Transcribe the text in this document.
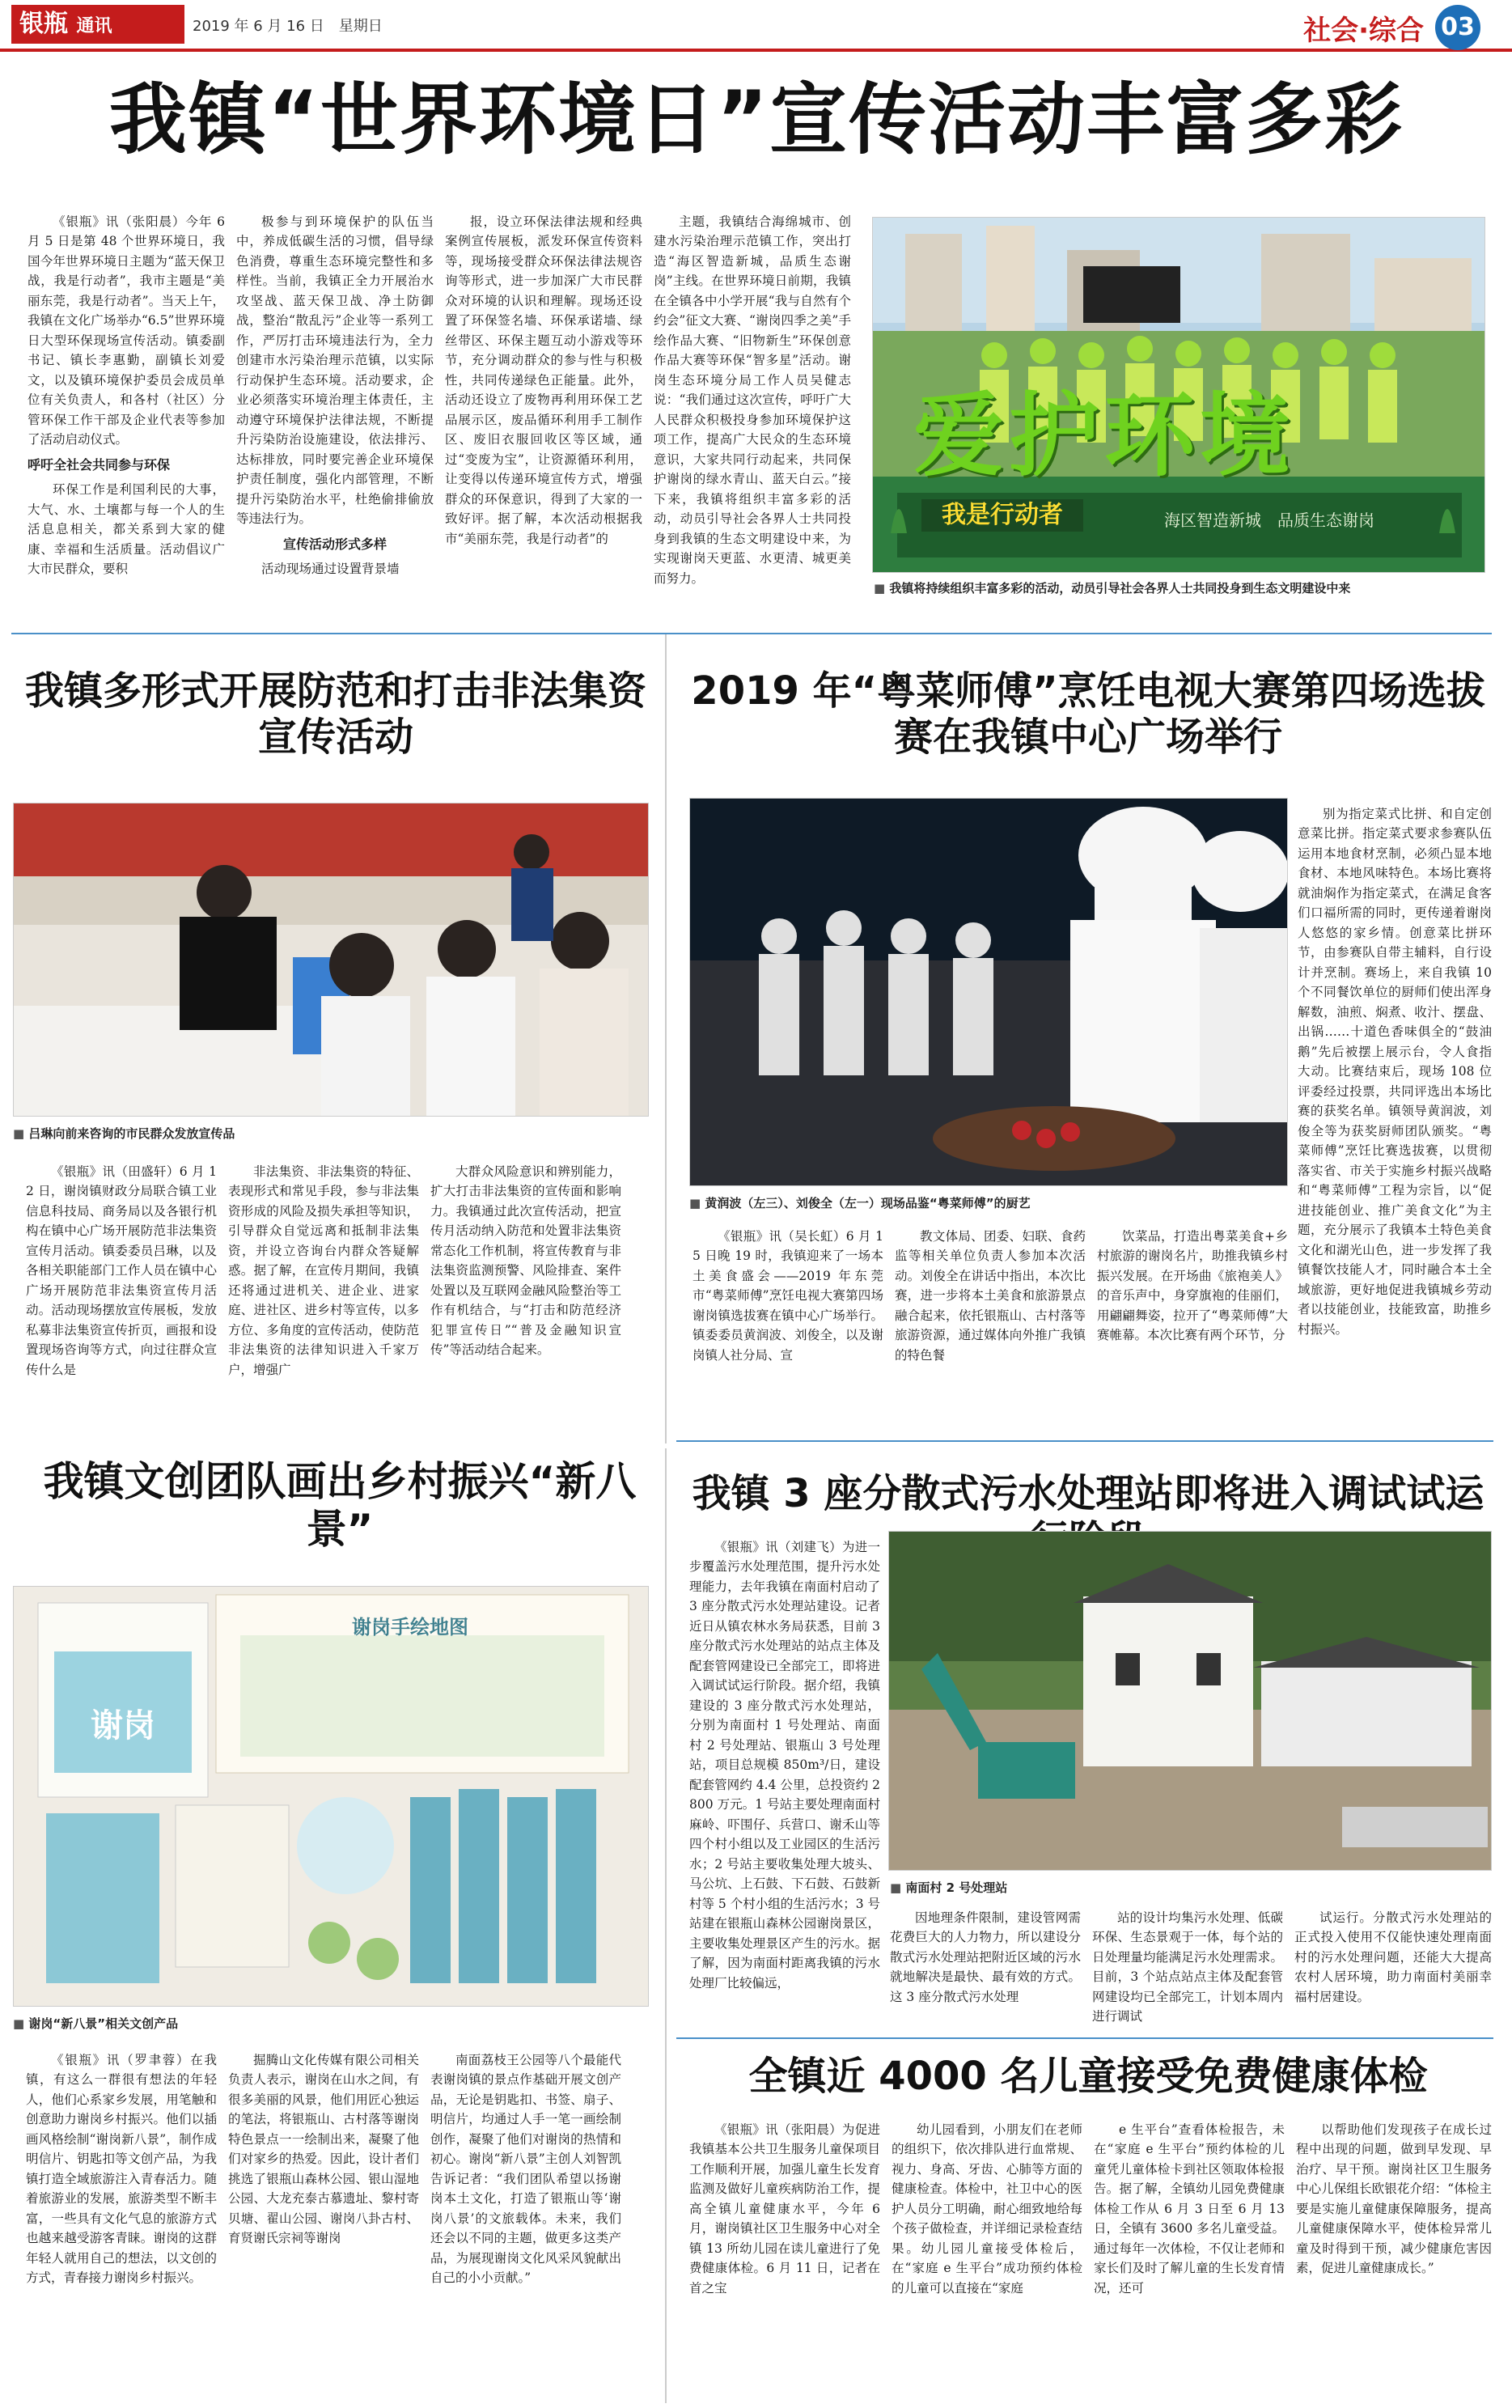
银瓶 通讯	2019 年 6 月 16 日　星期日	社会·综合 03
我镇“世界环境日”宣传活动丰富多彩

《银瓶》讯（张阳晨）今年 6 月 5 日是第 48 个世界环境日，我国今年世界环境日主题为“蓝天保卫战，我是行动者”，我市主题是“美丽东莞，我是行动者”。当天上午，我镇在文化广场举办“6.5”世界环境日大型环保现场宣传活动。镇委副书记、镇长李惠勤，副镇长刘爱文，以及镇环境保护委员会成员单位有关负责人，和各村（社区）分管环保工作干部及企业代表等参加了活动启动仪式。

呼吁全社会共同参与环保

环保工作是利国利民的大事，大气、水、土壤都与每一个人的生活息息相关，都关系到大家的健康、幸福和生活质量。活动倡议广大市民群众，要积

极参与到环境保护的队伍当中，养成低碳生活的习惯，倡导绿色消费，尊重生态环境完整性和多样性。当前，我镇正全力开展治水攻坚战、蓝天保卫战、净土防御战，整治“散乱污”企业等一系列工作，严厉打击环境违法行为，全力创建市水污染治理示范镇，以实际行动保护生态环境。活动要求，企业必须落实环境治理主体责任，主动遵守环境保护法律法规，不断提升污染防治设施建设，依法排污、达标排放，同时要完善企业环境保护责任制度，强化内部管理，不断提升污染防治水平，杜绝偷排偷放等违法行为。

宣传活动形式多样

活动现场通过设置背景墙

报，设立环保法律法规和经典案例宣传展板，派发环保宣传资料等，现场接受群众环保法律法规咨询等形式，进一步加深广大市民群众对环境的认识和理解。现场还设置了环保签名墙、环保承诺墙、绿丝带区、环保主题互动小游戏等环节，充分调动群众的参与性与积极性，共同传递绿色正能量。此外，活动还设立了废物再利用环保工艺品展示区，废品循环利用手工制作区、废旧衣服回收区等区域，通过“变废为宝”，让资源循环利用，让变得以传递环境宣传方式，增强群众的环保意识，得到了大家的一致好评。据了解，本次活动根据我市“美丽东莞，我是行动者”的

主题，我镇结合海绵城市、创建水污染治理示范镇工作，突出打造“海区智造新城，品质生态谢岗”主线。在世界环境日前期，我镇在全镇各中小学开展“我与自然有个约会”征文大赛、“谢岗四季之美”手绘作品大赛、“旧物新生”环保创意作品大赛等环保“智多星”活动。谢岗生态环境分局工作人员吴健志说：“我们通过这次宣传，呼吁广大人民群众积极投身参加环境保护这项工作，提高广大民众的生态环境意识，大家共同行动起来，共同保护谢岗的绿水青山、蓝天白云。”接下来，我镇将组织丰富多彩的活动，动员引导社会各界人士共同投身到我镇的生态文明建设中来，为实现谢岗天更蓝、水更清、城更美而努力。

爱护环境
我是行动者	海区智造新城　品质生态谢岗
■ 我镇将持续组织丰富多彩的活动，动员引导社会各界人士共同投身到生态文明建设中来
我镇多形式开展防范和打击非法集资宣传活动
■ 吕琳向前来咨询的市民群众发放宣传品

《银瓶》讯（田盛轩）6 月 12 日，谢岗镇财政分局联合镇工业信息科技局、商务局以及各银行机构在镇中心广场开展防范非法集资宣传月活动。镇委委员吕琳，以及各相关职能部门工作人员在镇中心广场开展防范非法集资宣传月活动。活动现场摆放宣传展板，发放私募非法集资宣传折页，画报和设置现场咨询等方式，向过往群众宣传什么是

非法集资、非法集资的特征、表现形式和常见手段，参与非法集资形成的风险及损失承担等知识，引导群众自觉远离和抵制非法集资，并设立咨询台内群众答疑解惑。据了解，在宣传月期间，我镇还将通过进机关、进企业、进家庭、进社区、进乡村等宣传，以多方位、多角度的宣传活动，使防范非法集资的法律知识进入千家万户，增强广

大群众风险意识和辨别能力，扩大打击非法集资的宣传面和影响力。我镇通过此次宣传活动，把宣传月活动纳入防范和处置非法集资常态化工作机制，将宣传教育与非法集资监测预警、风险排查、案件处置以及互联网金融风险整治等工作有机结合，与“打击和防范经济犯罪宣传日”“普及金融知识宣传”等活动结合起来。

2019 年“粤菜师傅”烹饪电视大赛第四场选拔赛在我镇中心广场举行
■ 黄润波（左三）、刘俊全（左一）现场品鉴“粤菜师傅”的厨艺

别为指定菜式比拼、和自定创意菜比拼。指定菜式要求参赛队伍运用本地食材烹制，必须凸显本地食材、本地风味特色。本场比赛将就油焖作为指定菜式，在满足食客们口福所需的同时，更传递着谢岗人悠悠的家乡情。创意菜比拼环节，由参赛队自带主辅料，自行设计并烹制。赛场上，来自我镇 10 个不同餐饮单位的厨师们使出浑身解数，油煎、焖煮、收汁、摆盘、出锅……十道色香味俱全的“鼓油鹅”先后被摆上展示台，令人食指大动。比赛结束后，现场 108 位评委经过投票，共同评选出本场比赛的获奖名单。镇领导黄润波，刘俊全等为获奖厨师团队颁奖。“粤菜师傅”烹饪比赛选拔赛，以贯彻落实省、市关于实施乡村振兴战略和“粤菜师傅”工程为宗旨，以“促进技能创业、推广美食文化”为主题，充分展示了我镇本土特色美食文化和湖光山色，进一步发挥了我镇餐饮技能人才，同时融合本土全域旅游，更好地促进我镇城乡劳动者以技能创业，技能致富，助推乡村振兴。

《银瓶》讯（吴长虹）6 月 15 日晚 19 时，我镇迎来了一场本土美食盛会——2019 年东莞市“粤菜师傅”烹饪电视大赛第四场谢岗镇选拔赛在镇中心广场举行。镇委委员黄润波、刘俊全，以及谢岗镇人社分局、宣

教文体局、团委、妇联、食药监等相关单位负责人参加本次活动。刘俊全在讲话中指出，本次比赛，进一步将本土美食和旅游景点融合起来，依托银瓶山、古村落等旅游资源，通过媒体向外推广我镇的特色餐

饮菜品，打造出粤菜美食+乡村旅游的谢岗名片，助推我镇乡村振兴发展。在开场曲《旅袍美人》的音乐声中，身穿旗袍的佳丽们，用翩翩舞姿，拉开了“粤菜师傅”大赛帷幕。本次比赛有两个环节，分

我镇文创团队画出乡村振兴“新八景”
谢岗手绘地图
谢岗
■ 谢岗“新八景”相关文创产品

《银瓶》讯（罗聿蓉）在我镇，有这么一群很有想法的年轻人，他们心系家乡发展，用笔触和创意助力谢岗乡村振兴。他们以插画风格绘制“谢岗新八景”，制作成明信片、钥匙扣等文创产品，为我镇打造全域旅游注入青春活力。随着旅游业的发展，旅游类型不断丰富，一些具有文化气息的旅游方式也越来越受游客青睐。谢岗的这群年轻人就用自己的想法，以文创的方式，青春接力谢岗乡村振兴。

掘腾山文化传媒有限公司相关负责人表示，谢岗在山水之间，有很多美丽的风景，他们用匠心独运的笔法，将银瓶山、古村落等谢岗特色景点一一绘制出来，凝聚了他们对家乡的热爱。因此，设计者们挑选了银瓶山森林公园、银山湿地公园、大龙充泰古慕遗址、黎村寄贝塘、翟山公园、谢岗八卦古村、育贤谢氏宗祠等谢岗

南面荔枝王公园等八个最能代表谢岗镇的景点作基础开展文创产品，无论是钥匙扣、书签、扇子、明信片，均通过人手一笔一画绘制创作，凝聚了他们对谢岗的热情和初心。谢岗“新八景”主创人刘智凯告诉记者：“我们团队希望以扬谢岗本土文化，打造了银瓶山等‘谢岗八景’的文旅载体。未来，我们还会以不同的主题，做更多这类产品，为展现谢岗文化风采风貌献出自己的小小贡献。”

我镇 3 座分散式污水处理站即将进入调试试运

《银瓶》讯（刘建飞）为进一步覆盖污水处理范围，提升污水处理能力，去年我镇在南面村启动了 3 座分散式污水处理站建设。记者近日从镇农林水务局获悉，目前 3 座分散式污水处理站的站点主体及配套管网建设已全部完工，即将进入调试试运行阶段。据介绍，我镇建设的 3 座分散式污水处理站，分别为南面村 1 号处理站、南面村 2 号处理站、银瓶山 3 号处理站，项目总规模 850m³/日，建设配套管网约 4.4 公里，总投资约 2800 万元。1 号站主要处理南面村麻岭、吓围仔、兵营口、谢禾山等四个村小组以及工业园区的生活污水；2 号站主要收集处理大坡头、马公坑、上石鼓、下石鼓、石鼓新村等 5 个村小组的生活污水；3 号站建在银瓶山森林公园谢岗景区，主要收集处理景区产生的污水。据了解，因为南面村距离我镇的污水处理厂比较偏远，

■ 南面村 2 号处理站

因地理条件限制，建设管网需花费巨大的人力物力，所以建设分散式污水处理站把附近区域的污水就地解决是最快、最有效的方式。这 3 座分散式污水处理

站的设计均集污水处理、低碳环保、生态景观于一体，每个站的日处理量均能满足污水处理需求。目前，3 个站点站点主体及配套管网建设均已全部完工，计划本周内进行调试

试运行。分散式污水处理站的正式投入使用不仅能快速处理南面村的污水处理问题，还能大大提高农村人居环境，助力南面村美丽幸福村居建设。

全镇近 4000 名儿童接受免费健康体检

《银瓶》讯（张阳晨）为促进我镇基本公共卫生服务儿童保项目工作顺利开展，加强儿童生长发育监测及做好儿童疾病防治工作，提高全镇儿童健康水平，今年 6 月，谢岗镇社区卫生服务中心对全镇 13 所幼儿园在读儿童进行了免费健康体检。6 月 11 日，记者在首之宝

幼儿园看到，小朋友们在老师的组织下，依次排队进行血常规、视力、身高、牙齿、心肺等方面的健康检查。体检中，社卫中心的医护人员分工明确，耐心细致地给每个孩子做检查，并详细记录检查结果。幼儿园儿童接受体检后，在“家庭 e 生平台”成功预约体检的儿童可以直接在“家庭

e 生平台”查看体检报告，未在“家庭 e 生平台”预约体检的儿童凭儿童体检卡到社区领取体检报告。据了解，全镇幼儿园免费健康体检工作从 6 月 3 日至 6 月 13 日，全镇有 3600 多名儿童受益。通过每年一次体检，不仅让老师和家长们及时了解儿童的生长发育情况，还可

以帮助他们发现孩子在成长过程中出现的问题，做到早发现、早治疗、早干预。谢岗社区卫生服务中心儿保组长欧银花介绍：“体检主要是实施儿童健康保障服务，提高儿童健康保障水平，使体检异常儿童及时得到干预，减少健康危害因素，促进儿童健康成长。”
